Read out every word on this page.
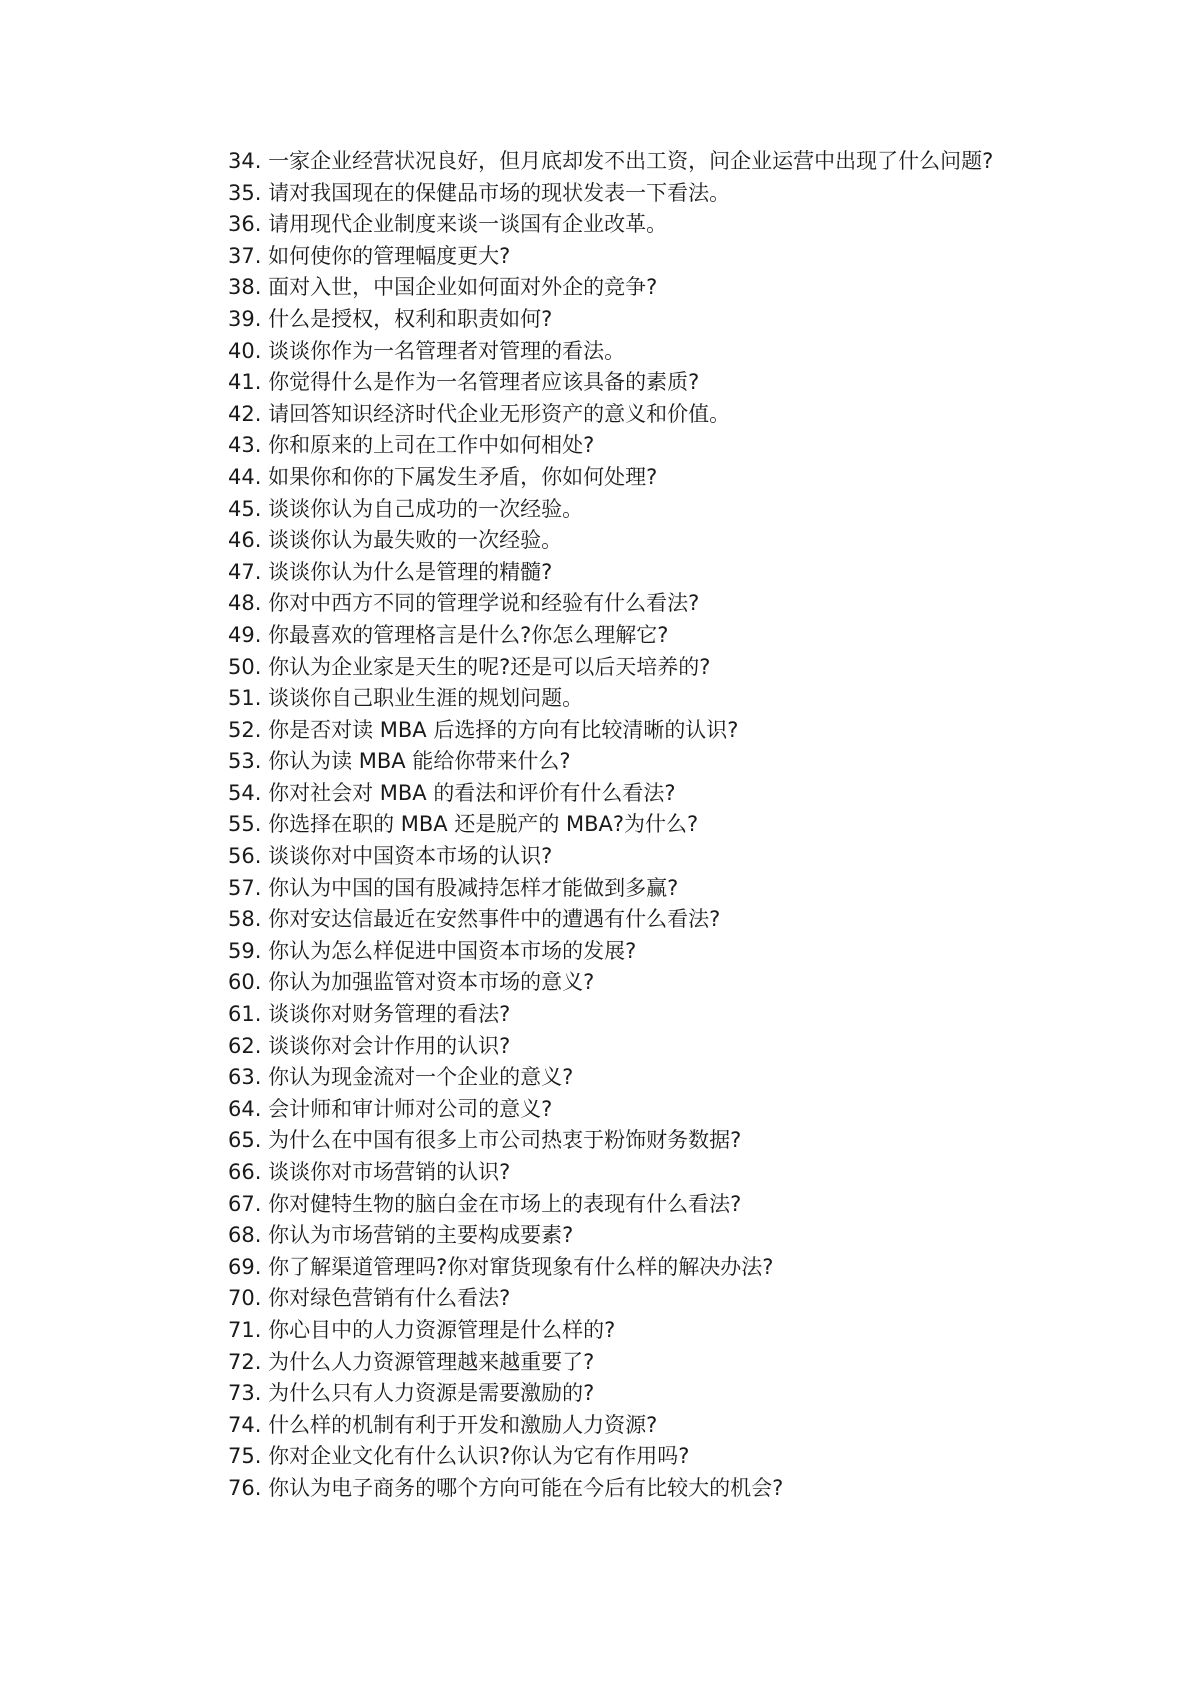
34. 一家企业经营状况良好，但月底却发不出工资，问企业运营中出现了什么问题?
35. 请对我国现在的保健品市场的现状发表一下看法。
36. 请用现代企业制度来谈一谈国有企业改革。
37. 如何使你的管理幅度更大?
38. 面对入世，中国企业如何面对外企的竞争?
39. 什么是授权，权利和职责如何?
40. 谈谈你作为一名管理者对管理的看法。
41. 你觉得什么是作为一名管理者应该具备的素质?
42. 请回答知识经济时代企业无形资产的意义和价值。
43. 你和原来的上司在工作中如何相处?
44. 如果你和你的下属发生矛盾，你如何处理?
45. 谈谈你认为自己成功的一次经验。
46. 谈谈你认为最失败的一次经验。
47. 谈谈你认为什么是管理的精髓?
48. 你对中西方不同的管理学说和经验有什么看法?
49. 你最喜欢的管理格言是什么?你怎么理解它?
50. 你认为企业家是天生的呢?还是可以后天培养的?
51. 谈谈你自己职业生涯的规划问题。
52. 你是否对读 MBA 后选择的方向有比较清晰的认识?
53. 你认为读 MBA 能给你带来什么?
54. 你对社会对 MBA 的看法和评价有什么看法?
55. 你选择在职的 MBA 还是脱产的 MBA?为什么?
56. 谈谈你对中国资本市场的认识?
57. 你认为中国的国有股减持怎样才能做到多赢?
58. 你对安达信最近在安然事件中的遭遇有什么看法?
59. 你认为怎么样促进中国资本市场的发展?
60. 你认为加强监管对资本市场的意义?
61. 谈谈你对财务管理的看法?
62. 谈谈你对会计作用的认识?
63. 你认为现金流对一个企业的意义?
64. 会计师和审计师对公司的意义?
65. 为什么在中国有很多上市公司热衷于粉饰财务数据?
66. 谈谈你对市场营销的认识?
67. 你对健特生物的脑白金在市场上的表现有什么看法?
68. 你认为市场营销的主要构成要素?
69. 你了解渠道管理吗?你对窜货现象有什么样的解决办法?
70. 你对绿色营销有什么看法?
71. 你心目中的人力资源管理是什么样的?
72. 为什么人力资源管理越来越重要了?
73. 为什么只有人力资源是需要激励的?
74. 什么样的机制有利于开发和激励人力资源?
75. 你对企业文化有什么认识?你认为它有作用吗?
76. 你认为电子商务的哪个方向可能在今后有比较大的机会?
